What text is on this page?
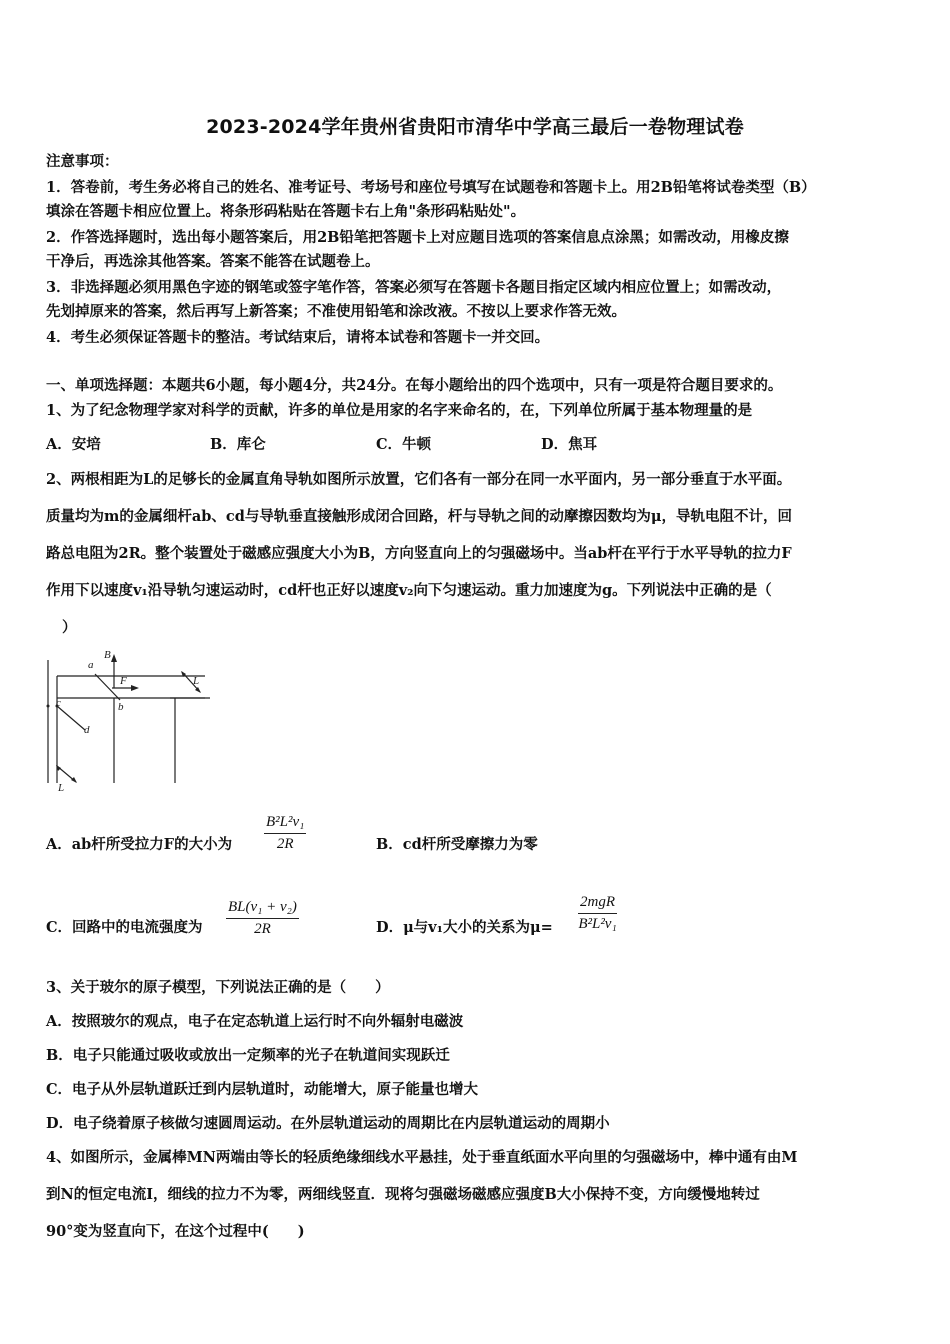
2023-2024学年贵州省贵阳市清华中学高三最后一卷物理试卷
注意事项：
1．答卷前，考生务必将自己的姓名、准考证号、考场号和座位号填写在试题卷和答题卡上。用2B铅笔将试卷类型（B）
填涂在答题卡相应位置上。将条形码粘贴在答题卡右上角"条形码粘贴处"。
2．作答选择题时，选出每小题答案后，用2B铅笔把答题卡上对应题目选项的答案信息点涂黑；如需改动，用橡皮擦
干净后，再选涂其他答案。答案不能答在试题卷上。
3．非选择题必须用黑色字迹的钢笔或签字笔作答，答案必须写在答题卡各题目指定区域内相应位置上；如需改动，
先划掉原来的答案，然后再写上新答案；不准使用铅笔和涂改液。不按以上要求作答无效。
4．考生必须保证答题卡的整洁。考试结束后，请将本试卷和答题卡一并交回。
一、单项选择题：本题共6小题，每小题4分，共24分。在每小题给出的四个选项中，只有一项是符合题目要求的。
1、为了纪念物理学家对科学的贡献，许多的单位是用家的名字来命名的，在，下列单位所属于基本物理量的是
A．安培	B．库仑	C．牛顿	D．焦耳
2、两根相距为L的足够长的金属直角导轨如图所示放置，它们各有一部分在同一水平面内，另一部分垂直于水平面。
质量均为m的金属细杆ab、cd与导轨垂直接触形成闭合回路，杆与导轨之间的动摩擦因数均为μ，导轨电阻不计，回
路总电阻为2R。整个装置处于磁感应强度大小为B，方向竖直向上的匀强磁场中。当ab杆在平行于水平导轨的拉力F
作用下以速度v₁沿导轨匀速运动时，cd杆也正好以速度v₂向下匀速运动。重力加速度为g。下列说法中正确的是（
）
B
a
F	L
b
c
d
L
A．ab杆所受拉力F的大小为
B²L²v₁
2R	B．cd杆所受摩擦力为零
C．回路中的电流强度为
BL(v₁ + v₂)
2R	D．μ与v₁大小的关系为μ=
2mgR
B²L²v₁
3、关于玻尔的原子模型，下列说法正确的是（　　）
A．按照玻尔的观点，电子在定态轨道上运行时不向外辐射电磁波
B．电子只能通过吸收或放出一定频率的光子在轨道间实现跃迁
C．电子从外层轨道跃迁到内层轨道时，动能增大，原子能量也增大
D．电子绕着原子核做匀速圆周运动。在外层轨道运动的周期比在内层轨道运动的周期小
4、如图所示，金属棒MN两端由等长的轻质绝缘细线水平悬挂，处于垂直纸面水平向里的匀强磁场中，棒中通有由M
到N的恒定电流I，细线的拉力不为零，两细线竖直．现将匀强磁场磁感应强度B大小保持不变，方向缓慢地转过
90°变为竖直向下，在这个过程中(　　)
